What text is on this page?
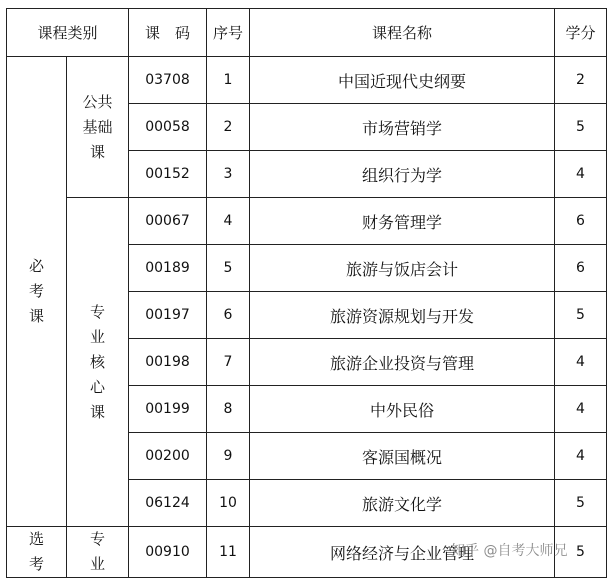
课程类别		课　码	序号	课程名称	学分
必考课	公共基础课	03708	1	中国近现代史纲要	2
		00058	2	市场营销学	5
		00152	3	组织行为学	4
	专业核心课	00067	4	财务管理学	6
		00189	5	旅游与饭店会计	6
		00197	6	旅游资源规划与开发	5
		00198	7	旅游企业投资与管理	4
		00199	8	中外民俗	4
		00200	9	客源国概况	4
		06124	10	旅游文化学	5
选考	专业	00910	11	网络经济与企业管理	5
知乎 @自考大师兄
